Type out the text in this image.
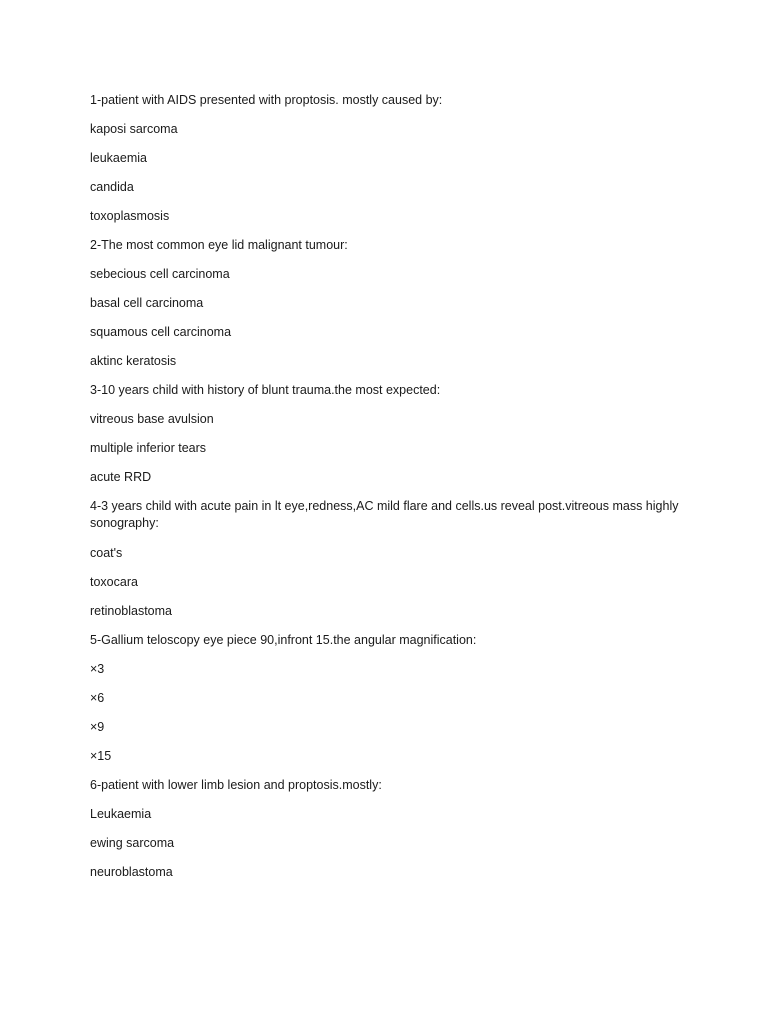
1-patient with AIDS presented with proptosis. mostly caused by:

kaposi sarcoma

leukaemia

candida

toxoplasmosis

2-The most common eye lid malignant tumour:

sebecious cell carcinoma

basal cell carcinoma

squamous cell carcinoma

aktinc keratosis

3-10 years child with history of blunt trauma.the most expected:

vitreous base avulsion

multiple inferior tears

acute RRD

4-3 years child with acute pain in lt eye,redness,AC mild flare and cells.us reveal post.vitreous mass highly sonography:

coat's

toxocara

retinoblastoma

5-Gallium teloscopy eye piece 90,infront 15.the angular magnification:

×3

×6

×9

×15

6-patient with lower limb lesion and proptosis.mostly:

Leukaemia

ewing sarcoma

neuroblastoma
